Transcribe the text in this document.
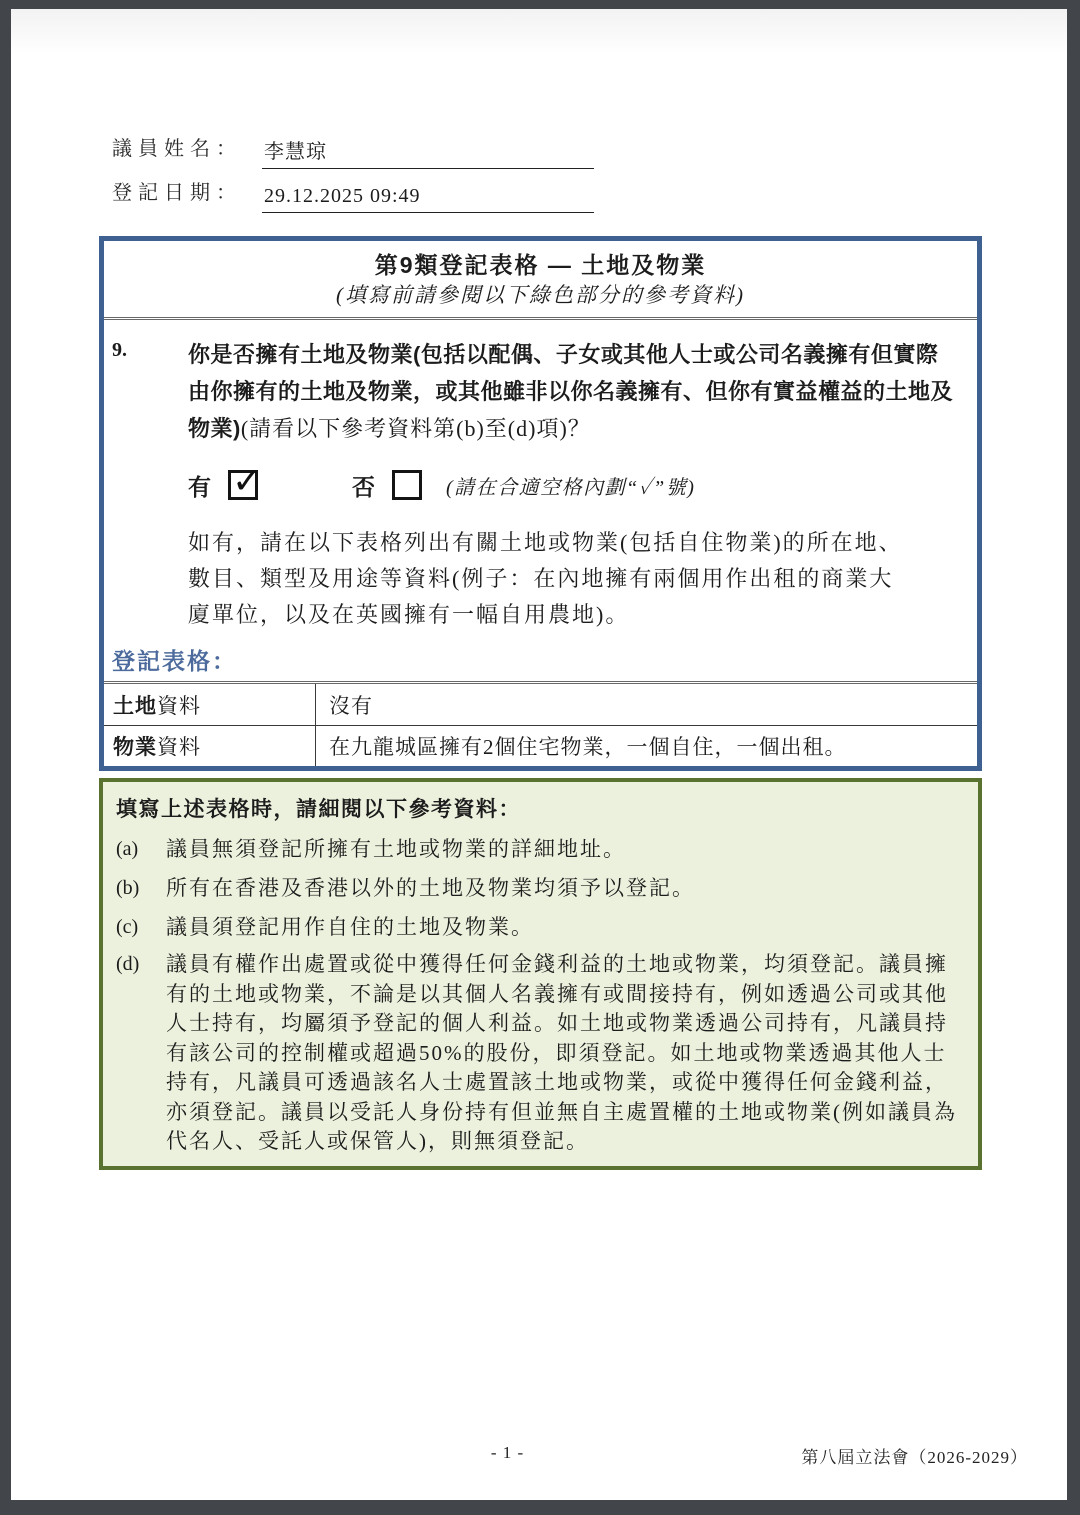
議員姓名：	李慧琼
登記日期：	29.12.2025 09:49
第9類登記表格 — 土地及物業
(填寫前請參閱以下綠色部分的參考資料)
9.	你是否擁有土地及物業(包括以配偶、子女或其他人士或公司名義擁有但實際由你擁有的土地及物業，或其他雖非以你名義擁有、但你有實益權益的土地及物業)(請看以下參考資料第(b)至(d)項)？
有 ✓	否	(請在合適空格內劃“✓”號)
如有，請在以下表格列出有關土地或物業(包括自住物業)的所在地、數目、類型及用途等資料(例子：在內地擁有兩個用作出租的商業大廈單位，以及在英國擁有一幅自用農地)。
登記表格：
土地 資料	沒有
物業 資料	在九龍城區擁有2個住宅物業，一個自住，一個出租。
填寫上述表格時，請細閱以下參考資料：
(a)	議員無須登記所擁有土地或物業的詳細地址。
(b)	所有在香港及香港以外的土地及物業均須予以登記。
(c)	議員須登記用作自住的土地及物業。
(d)	議員有權作出處置或從中獲得任何金錢利益的土地或物業，均須登記。議員擁有的土地或物業，不論是以其個人名義擁有或間接持有，例如透過公司或其他人士持有，均屬須予登記的個人利益。如土地或物業透過公司持有，凡議員持有該公司的控制權或超過50%的股份，即須登記。如土地或物業透過其他人士持有，凡議員可透過該名人士處置該土地或物業，或從中獲得任何金錢利益，亦須登記。議員以受託人身份持有但並無自主處置權的土地或物業(例如議員為代名人、受託人或保管人)，則無須登記。
- 1 -	第八屆立法會（2026-2029）
